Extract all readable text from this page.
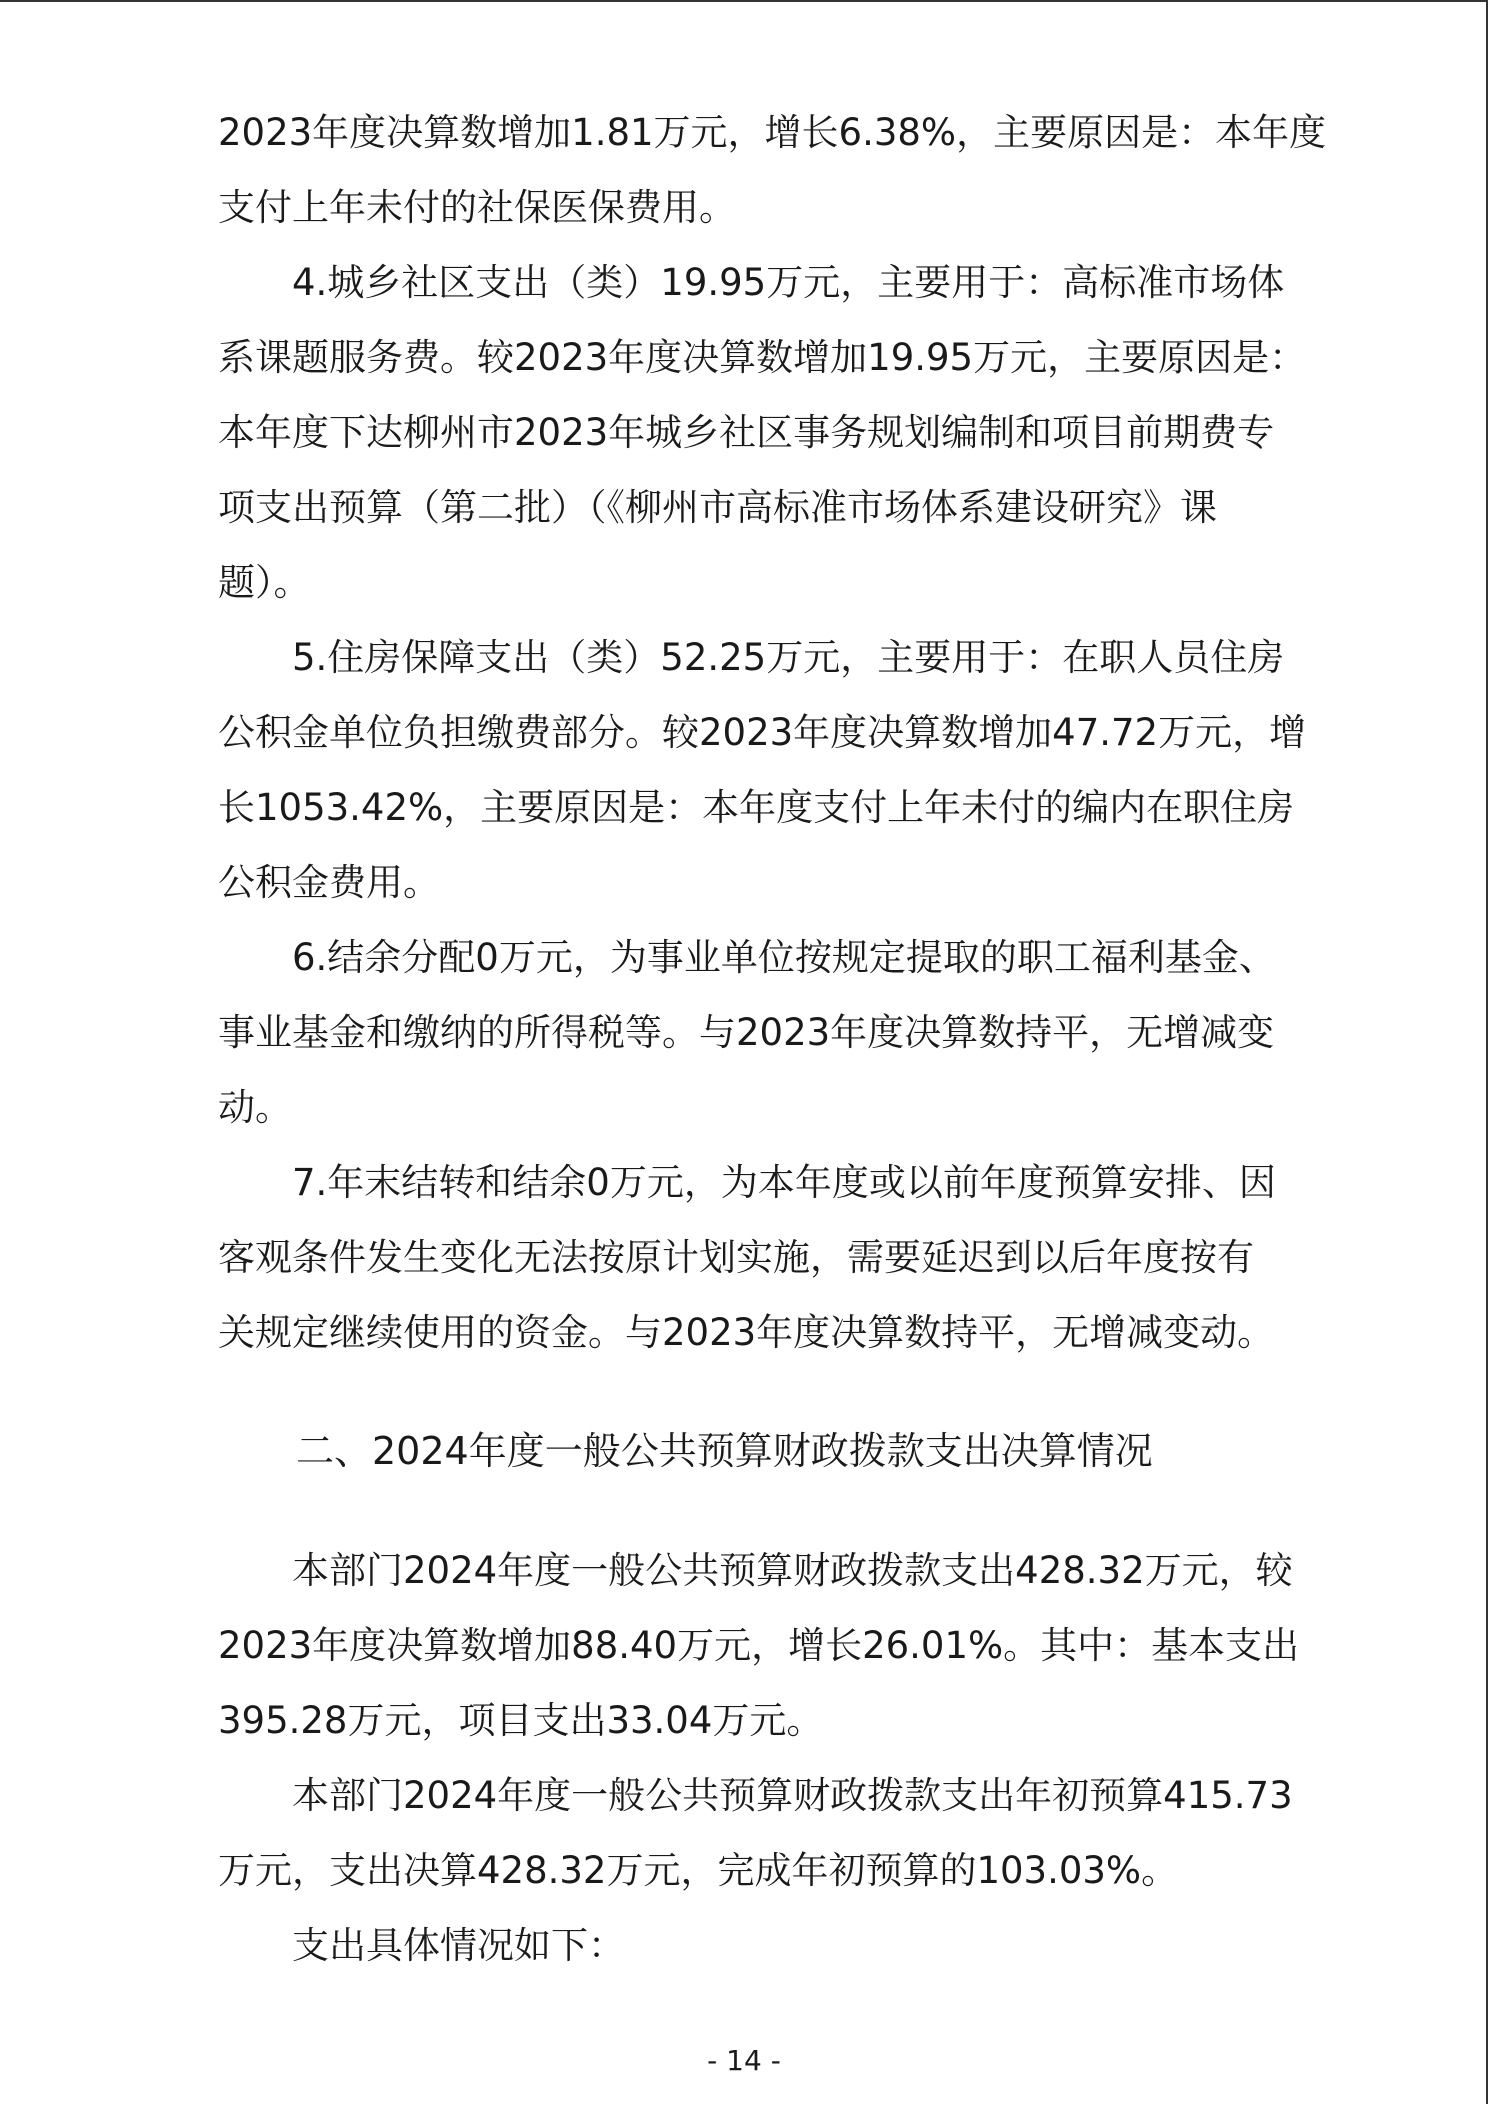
2023年度决算数增加1.81万元，增长6.38%，主要原因是：本年度

支付上年未付的社保医保费用。

4.城乡社区支出（类）19.95万元，主要用于：高标准市场体

系课题服务费。较2023年度决算数增加19.95万元，主要原因是：

本年度下达柳州市2023年城乡社区事务规划编制和项目前期费专

项支出预算（第二批）（《柳州市高标准市场体系建设研究》课

题）。

5.住房保障支出（类）52.25万元，主要用于：在职人员住房

公积金单位负担缴费部分。较2023年度决算数增加47.72万元，增

长1053.42%，主要原因是：本年度支付上年未付的编内在职住房

公积金费用。

6.结余分配0万元，为事业单位按规定提取的职工福利基金、

事业基金和缴纳的所得税等。与2023年度决算数持平，无增减变

动。

7.年末结转和结余0万元，为本年度或以前年度预算安排、因

客观条件发生变化无法按原计划实施，需要延迟到以后年度按有

关规定继续使用的资金。与2023年度决算数持平，无增减变动。

二、2024年度一般公共预算财政拨款支出决算情况

本部门2024年度一般公共预算财政拨款支出428.32万元，较

2023年度决算数增加88.40万元，增长26.01%。其中：基本支出

395.28万元，项目支出33.04万元。

本部门2024年度一般公共预算财政拨款支出年初预算415.73

万元，支出决算428.32万元，完成年初预算的103.03%。

支出具体情况如下：

- 14 -
